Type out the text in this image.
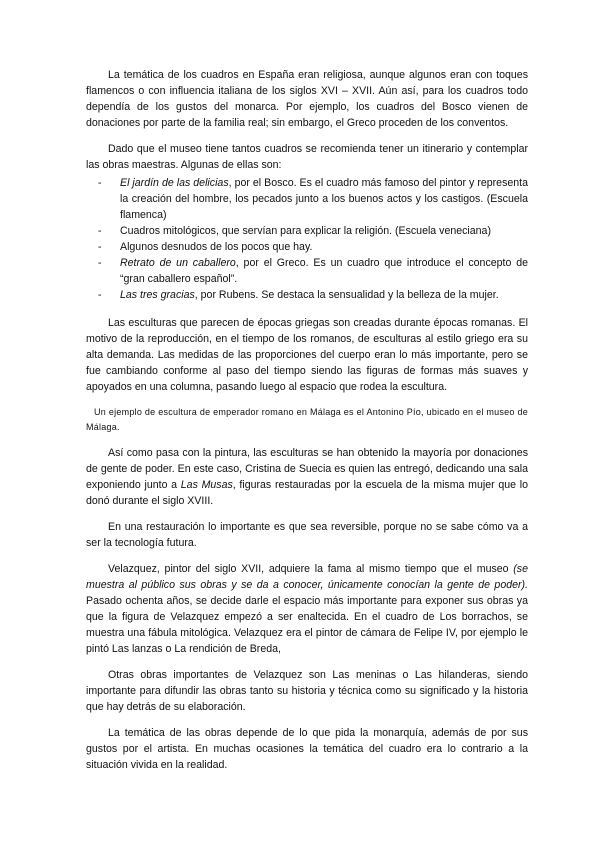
La temática de los cuadros en España eran religiosa, aunque algunos eran con toques flamencos o con influencia italiana de los siglos XVI – XVII. Aún así, para los cuadros todo dependía de los gustos del monarca. Por ejemplo, los cuadros del Bosco vienen de donaciones por parte de la familia real; sin embargo, el Greco proceden de los conventos.

Dado que el museo tiene tantos cuadros se recomienda tener un itinerario y contemplar las obras maestras. Algunas de ellas son:

- El jardín de las delicias, por el Bosco. Es el cuadro más famoso del pintor y representa la creación del hombre, los pecados junto a los buenos actos y los castigos. (Escuela flamenca)
- Cuadros mitológicos, que servían para explicar la religión. (Escuela veneciana)
- Algunos desnudos de los pocos que hay.
- Retrato de un caballero, por el Greco. Es un cuadro que introduce el concepto de “gran caballero español”.
- Las tres gracias, por Rubens. Se destaca la sensualidad y la belleza de la mujer.

Las esculturas que parecen de épocas griegas son creadas durante épocas romanas. El motivo de la reproducción, en el tiempo de los romanos, de esculturas al estilo griego era su alta demanda. Las medidas de las proporciones del cuerpo eran lo más importante, pero se fue cambiando conforme al paso del tiempo siendo las figuras de formas más suaves y apoyados en una columna, pasando luego al espacio que rodea la escultura.

Un ejemplo de escultura de emperador romano en Málaga es el Antonino Pío, ubicado en el museo de Málaga.

Así como pasa con la pintura, las esculturas se han obtenido la mayoría por donaciones de gente de poder. En este caso, Cristina de Suecia es quien las entregó, dedicando una sala exponiendo junto a Las Musas, figuras restauradas por la escuela de la misma mujer que lo donó durante el siglo XVIII.

En una restauración lo importante es que sea reversible, porque no se sabe cómo va a ser la tecnología futura.

Velazquez, pintor del siglo XVII, adquiere la fama al mismo tiempo que el museo (se muestra al público sus obras y se da a conocer, únicamente conocían la gente de poder). Pasado ochenta años, se decide darle el espacio más importante para exponer sus obras ya que la figura de Velazquez empezó a ser enaltecida. En el cuadro de Los borrachos, se muestra una fábula mitológica. Velazquez era el pintor de cámara de Felipe IV, por ejemplo le pintó Las lanzas o La rendición de Breda,

Otras obras importantes de Velazquez son Las meninas o Las hilanderas, siendo importante para difundir las obras tanto su historia y técnica como su significado y la historia que hay detrás de su elaboración.

La temática de las obras depende de lo que pida la monarquía, además de por sus gustos por el artista. En muchas ocasiones la temática del cuadro era lo contrario a la situación vivida en la realidad.
